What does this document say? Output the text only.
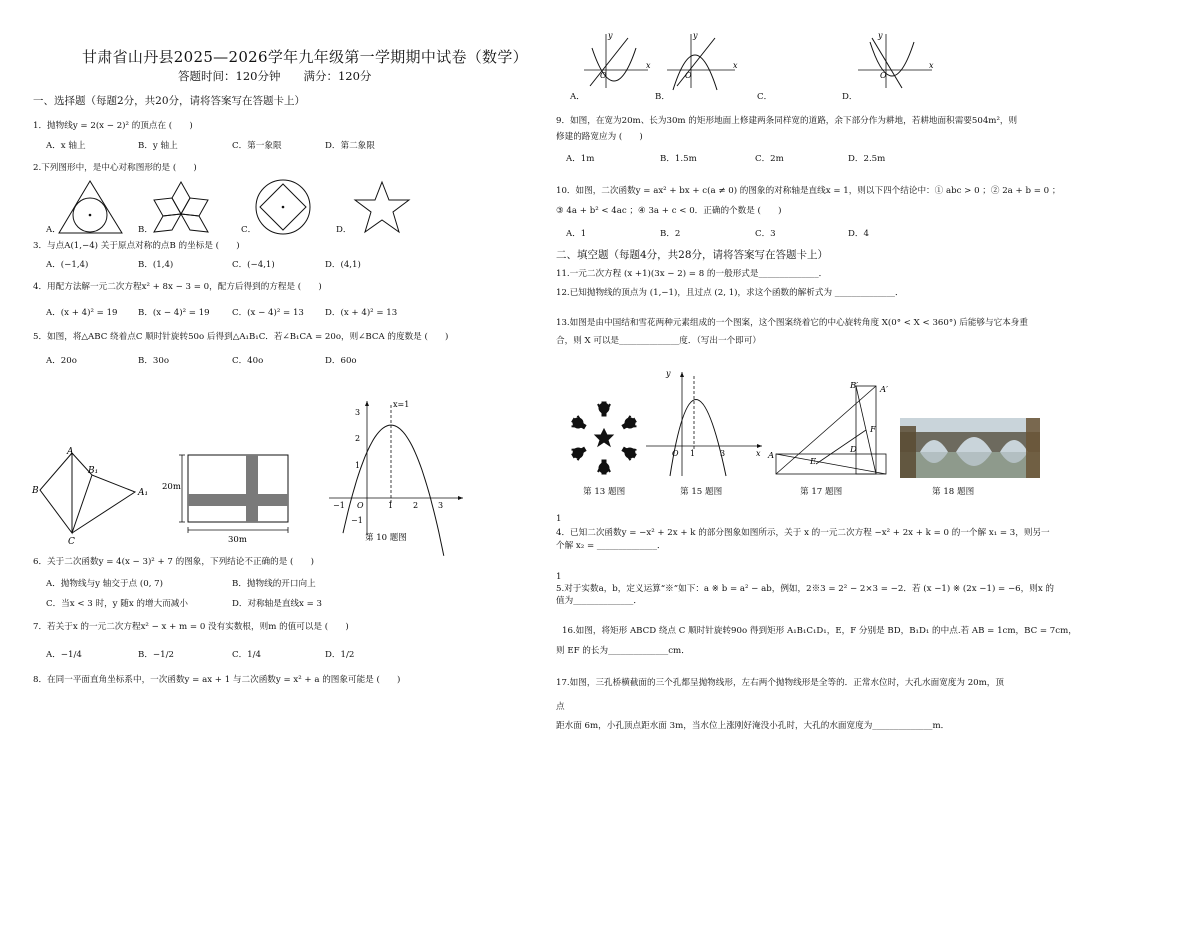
甘肃省山丹县2025—2026学年九年级第一学期期中试卷（数学）
答题时间：120分钟　　满分：120分
一、选择题（每题2分，共20分，请将答案写在答题卡上）
1．抛物线y = 2(x − 2)² 的顶点在 (　　)
A．x 轴上	B．y 轴上	C．第一象限	D．第二象限
2.下列图形中，是中心对称图形的是 (　　)
A．	B．	C．	D．
3．与点A(1,−4) 关于原点对称的点B 的坐标是 (　　)
A．(−1,4)	B．(1,4)	C．(−4,1)	D．(4,1)
4．用配方法解一元二次方程x² + 8x − 3 = 0，配方后得到的方程是 (　　)
A．(x + 4)² = 19 B．(x − 4)² = 19	C．(x − 4)² = 13 D．(x + 4)² = 13
5．如图，将△ABC 绕着点C 顺时针旋转50o 后得到△A₁B₁C．若∠B₁CA = 20o，则∠BCA 的度数是 (　　)
A．20o	B．30o	C．40o	D．60o
A
B
B₁
A₁
C
20m
30m
x=1
3
2
1
−1
−1 O	1 2 3
第 10 题图
6．关于二次函数y = 4(x − 3)² + 7 的图象，下列结论不正确的是 (　　)
A．抛物线与y 轴交于点 (0, 7)	B．抛物线的开口向上
C．当x < 3 时，y 随x 的增大而减小	D．对称轴是直线x = 3
7．若关于x 的一元二次方程x² − x + m = 0 没有实数根，则m 的值可以是 (　　)
A．−1/4	B．−1/2	C．1/4	D．1/2
8．在同一平面直角坐标系中，一次函数y = ax + 1 与二次函数y = x² + a 的图象可能是 (　　)
y
x
O
y
x
O
y
x
O
A．	B．	C．	D．
9．如图，在宽为20m、长为30m 的矩形地面上修建两条同样宽的道路，余下部分作为耕地，若耕地面积需要504m²，则
修建的路宽应为 (　　)
A．1m	B．1.5m	C．2m	D．2.5m
10．如图，二次函数y = ax² + bx + c(a ≠ 0) 的图象的对称轴是直线x = 1，则以下四个结论中：① abc > 0 ；② 2a + b = 0 ；
③ 4a + b² < 4ac ；④ 3a + c < 0．正确的个数是 (　　)
A．1	B．2	C．3	D．4
二、填空题（每题4分，共28分，请将答案写在答题卡上）
11.一元二次方程 (x +1)(3x − 2) = 8 的一般形式是______________．
12.已知抛物线的顶点为 (1,−1)，且过点 (2, 1)，求这个函数的解析式为 ______________．
13.如图是由中国结和雪花两种元素组成的一个图案，这个图案绕着它的中心旋转角度 X(0° < X < 360°) 后能够与它本身重
合，则 X 可以是______________度．（写出一个即可）
y
O 1	3	x
B′	A′
F
D
E
A
第 13 题图	第 15 题图	第 17 题图	第 18 题图
1
4．已知二次函数y = −x² + 2x + k 的部分图象如图所示，关于 x 的一元二次方程 −x² + 2x + k = 0 的一个解 x₁ = 3，则另一
个解 x₂ = ______________．
1
5.对于实数a，b，定义运算“※”如下：a ※ b = a² − ab，例如，2※3 = 2² − 2×3 = −2．若 (x −1) ※ (2x −1) = −6，则x 的
值为______________．
16.如图，将矩形 ABCD 绕点 C 顺时针旋转90o 得到矩形 A₁B₁C₁D₁，E，F 分别是 BD，B₁D₁ 的中点.若 AB = 1cm，BC = 7cm，
则 EF 的长为______________cm．
17.如图，三孔桥横截面的三个孔都呈抛物线形，左右两个抛物线形是全等的．正常水位时，大孔水面宽度为 20m，顶
点
距水面 6m，小孔顶点距水面 3m，当水位上涨刚好淹没小孔时，大孔的水面宽度为______________m．
